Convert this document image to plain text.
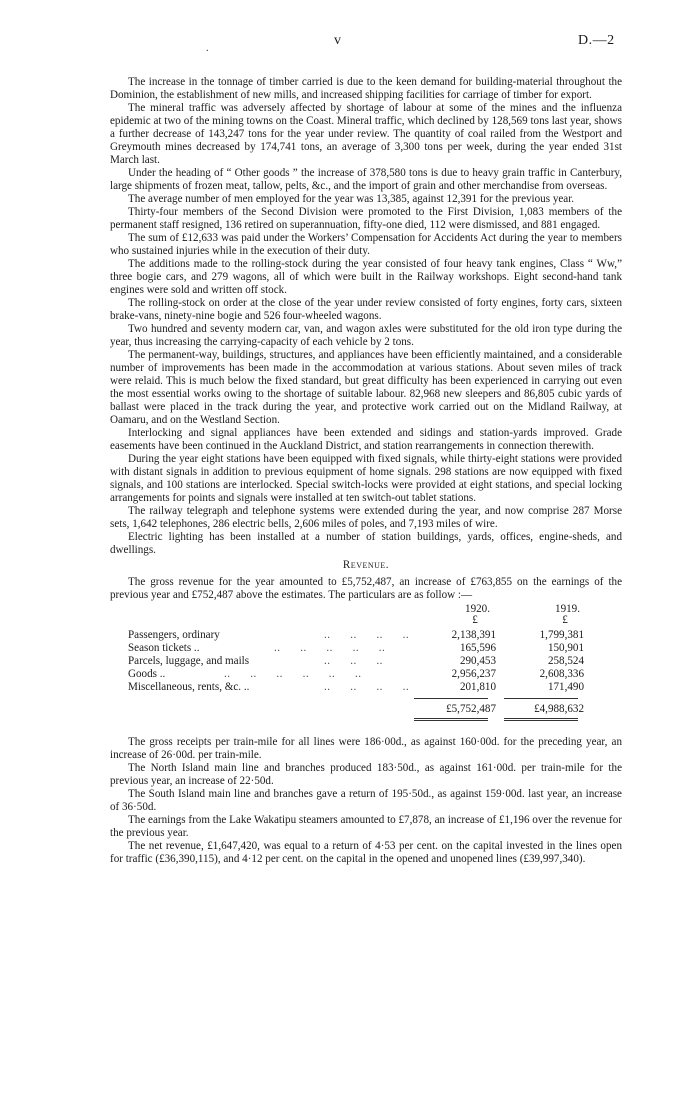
.
v	D.—2

The increase in the tonnage of timber carried is due to the keen demand for building-material throughout the Dominion, the establishment of new mills, and increased shipping facilities for carriage of timber for export.

The mineral traffic was adversely affected by shortage of labour at some of the mines and the influenza epidemic at two of the mining towns on the Coast. Mineral traffic, which declined by 128,569 tons last year, shows a further decrease of 143,247 tons for the year under review. The quantity of coal railed from the Westport and Greymouth mines decreased by 174,741 tons, an average of 3,300 tons per week, during the year ended 31st March last.

Under the heading of “ Other goods ” the increase of 378,580 tons is due to heavy grain traffic in Canterbury, large shipments of frozen meat, tallow, pelts, &c., and the import of grain and other merchandise from overseas.

The average number of men employed for the year was 13,385, against 12,391 for the previous year.

Thirty-four members of the Second Division were promoted to the First Division, 1,083 members of the permanent staff resigned, 136 retired on superannuation, fifty-one died, 112 were dismissed, and 881 engaged.

The sum of £12,633 was paid under the Workers’ Compensation for Accidents Act during the year to members who sustained injuries while in the execution of their duty.

The additions made to the rolling-stock during the year consisted of four heavy tank engines, Class “ Ww,” three bogie cars, and 279 wagons, all of which were built in the Railway workshops. Eight second-hand tank engines were sold and written off stock.

The rolling-stock on order at the close of the year under review consisted of forty engines, forty cars, sixteen brake-vans, ninety-nine bogie and 526 four-wheeled wagons.

Two hundred and seventy modern car, van, and wagon axles were substituted for the old iron type during the year, thus increasing the carrying-capacity of each vehicle by 2 tons.

The permanent-way, buildings, structures, and appliances have been efficiently maintained, and a considerable number of improvements has been made in the accommodation at various stations. About seven miles of track were relaid. This is much below the fixed standard, but great difficulty has been experienced in carrying out even the most essential works owing to the shortage of suitable labour. 82,968 new sleepers and 86,805 cubic yards of ballast were placed in the track during the year, and protective work carried out on the Midland Railway, at Oamaru, and on the Westland Section.

Interlocking and signal appliances have been extended and sidings and station-yards improved. Grade easements have been continued in the Auckland District, and station rearrangements in connection therewith.

During the year eight stations have been equipped with fixed signals, while thirty-eight stations were provided with distant signals in addition to previous equipment of home signals. 298 stations are now equipped with fixed signals, and 100 stations are interlocked. Special switch-locks were provided at eight stations, and special locking arrangements for points and signals were installed at ten switch-out tablet stations.

The railway telegraph and telephone systems were extended during the year, and now comprise 287 Morse sets, 1,642 telephones, 286 electric bells, 2,606 miles of poles, and 7,193 miles of wire.

Electric lighting has been installed at a number of station buildings, yards, offices, engine-sheds, and dwellings.

Revenue.

The gross revenue for the year amounted to £5,752,487, an increase of £763,855 on the earnings of the previous year and £752,487 above the estimates. The particulars are as follow :—

1920.
£
1919.
£
Passengers, ordinary	..      ..      ..      ..	2,138,391	1,799,381
Season tickets ..	..      ..      ..      ..      ..	165,596	150,901
Parcels, luggage, and mails	..      ..      ..	290,453	258,524
Goods ..	..      ..      ..      ..      ..      ..	2,956,237	2,608,336
Miscellaneous, rents, &c. ..	..      ..      ..      ..	201,810	171,490
£5,752,487	£4,988,632

The gross receipts per train-mile for all lines were 186·00d., as against 160·00d. for the preceding year, an increase of 26·00d. per train-mile.

The North Island main line and branches produced 183·50d., as against 161·00d. per train-mile for the previous year, an increase of 22·50d.

The South Island main line and branches gave a return of 195·50d., as against 159·00d. last year, an increase of 36·50d.

The earnings from the Lake Wakatipu steamers amounted to £7,878, an increase of £1,196 over the revenue for the previous year.

The net revenue, £1,647,420, was equal to a return of 4·53 per cent. on the capital invested in the lines open for traffic (£36,390,115), and 4·12 per cent. on the capital in the opened and unopened lines (£39,997,340).
